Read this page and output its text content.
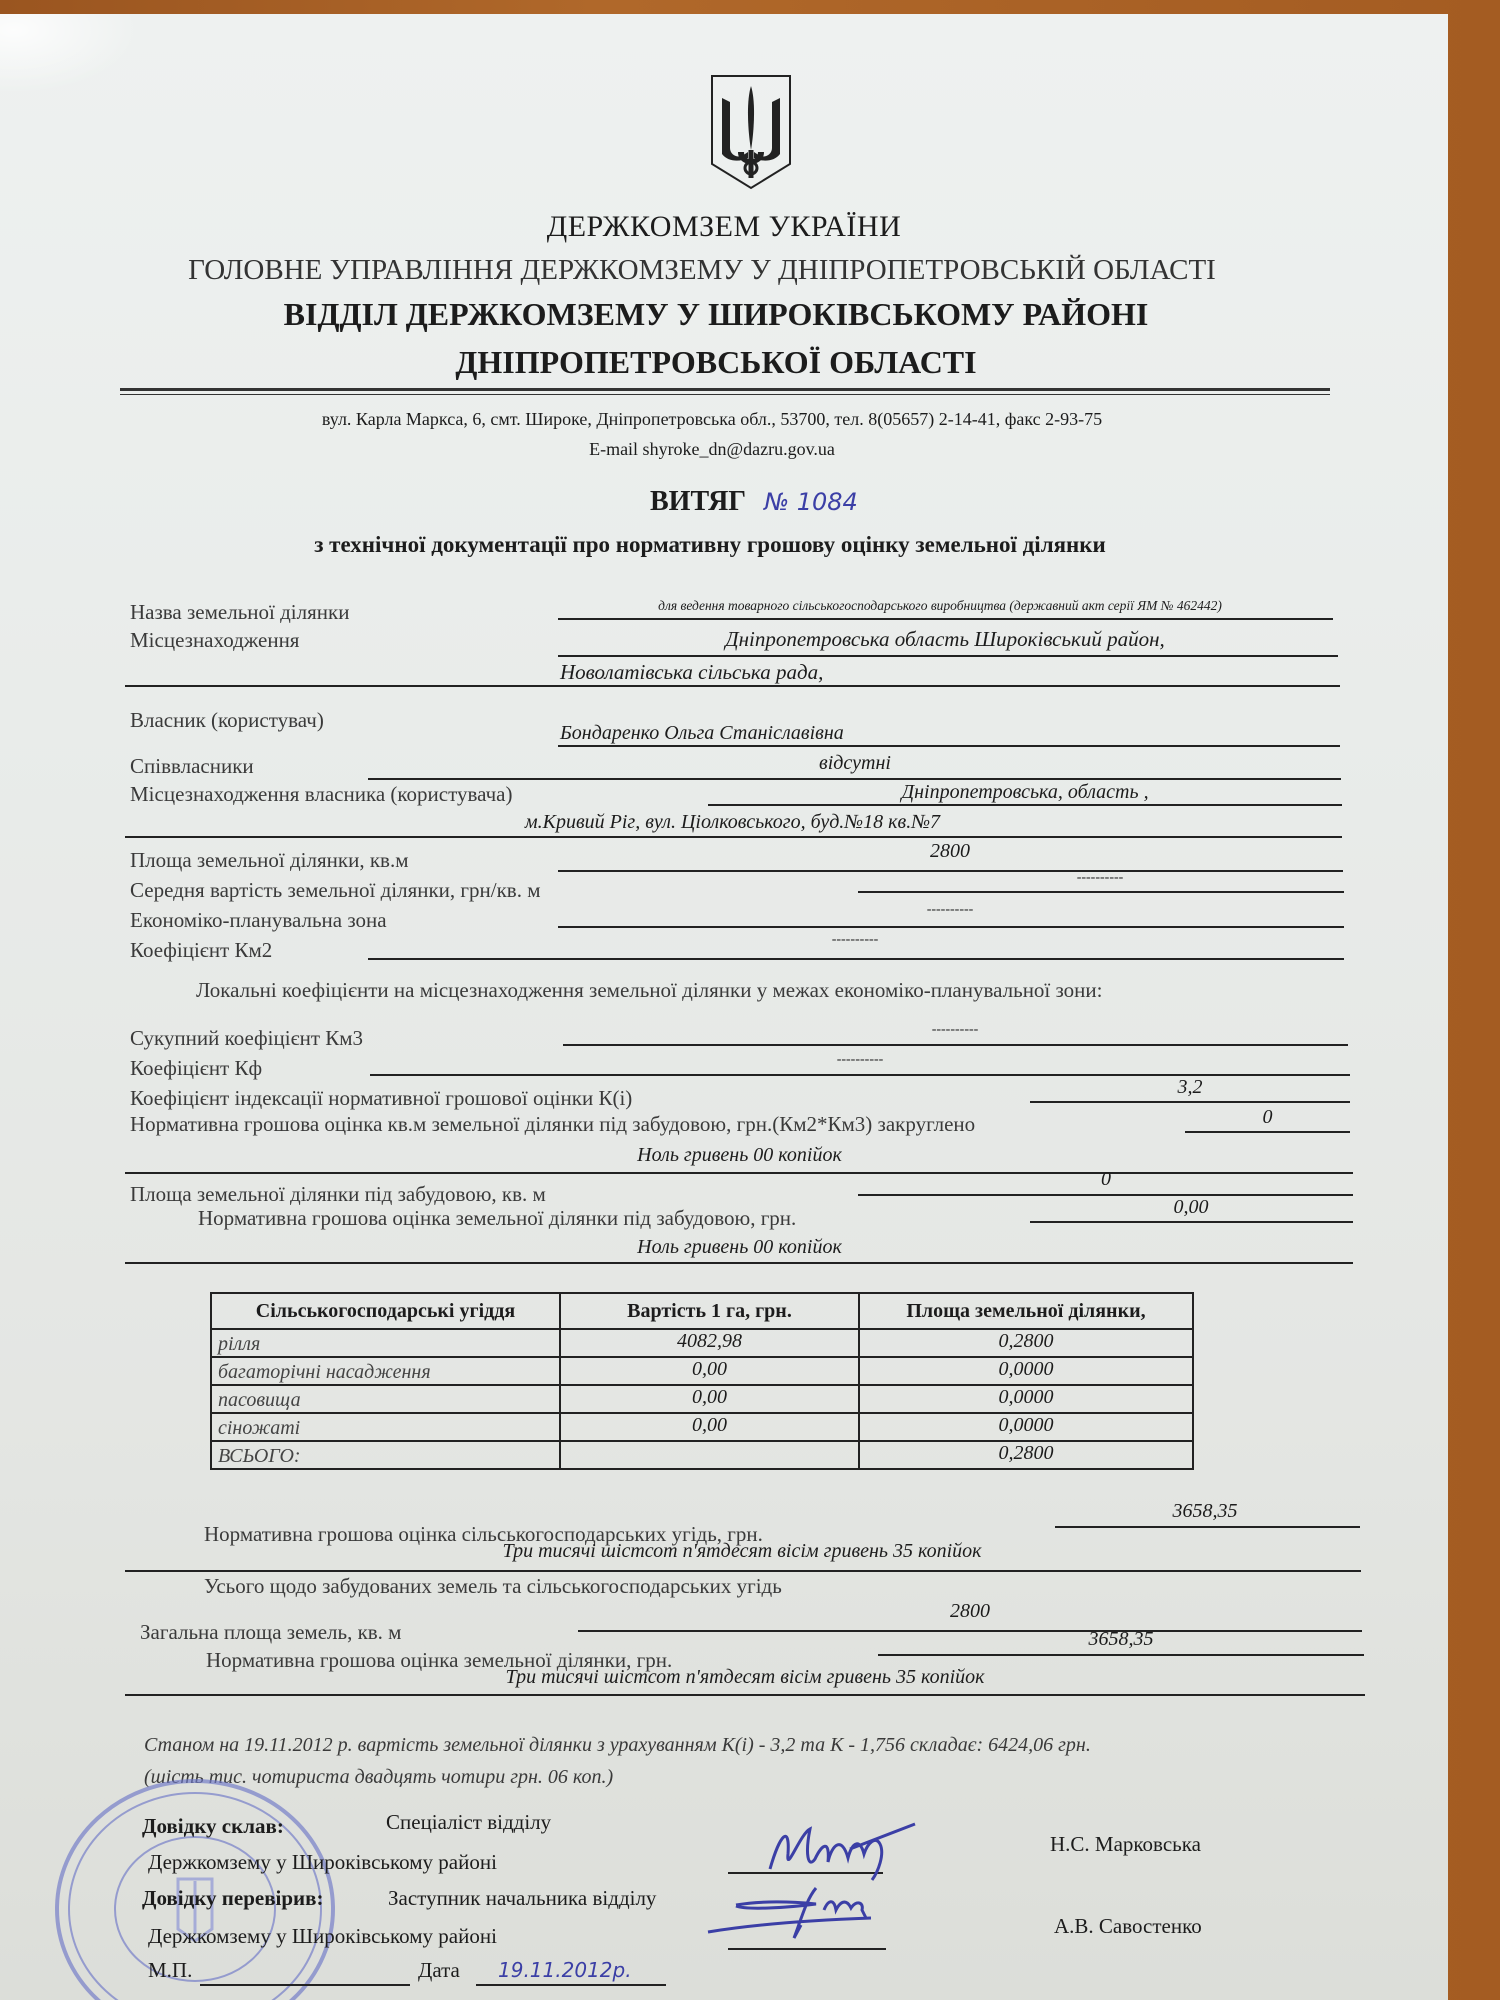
ДЕРЖКОМЗЕМ УКРАЇНИ
ГОЛОВНЕ УПРАВЛІННЯ ДЕРЖКОМЗЕМУ У ДНІПРОПЕТРОВСЬКІЙ ОБЛАСТІ
ВІДДІЛ ДЕРЖКОМЗЕМУ У ШИРОКІВСЬКОМУ РАЙОНІ
ДНІПРОПЕТРОВСЬКОЇ ОБЛАСТІ
вул. Карла Маркса, 6, смт. Широке, Дніпропетровська обл., 53700, тел. 8(05657) 2-14-41, факс 2-93-75
E-mail shyroke_dn@dazru.gov.ua
ВИТЯГ № 1084
з технічної документації про нормативну грошову оцінку земельної ділянки
Назва земельної ділянки	для ведення товарного сільськогосподарського виробництва (державний акт серії ЯМ № 462442)
Місцезнаходження	Дніпропетровська область Широківський район,
Новолатівська сільська рада,
Власник (користувач)
Бондаренко Ольга Станіславівна
Співвласники	відсутні
Місцезнаходження власника (користувача)	Дніпропетровська, область ,
м.Кривий Ріг, вул. Ціолковського, буд.№18 кв.№7
Площа земельної ділянки, кв.м	2800
Середня вартість земельної ділянки, грн/кв. м
----------
Економіко-планувальна зона	----------
Коефіцієнт Км2	----------
Локальні коефіцієнти на місцезнаходження земельної ділянки у межах економіко-планувальної зони:
Сукупний коефіцієнт Км3	----------
Коефіцієнт Кф	----------
Коефіцієнт індексації нормативної грошової оцінки К(і)	3,2
Нормативна грошова оцінка кв.м земельної ділянки під забудовою, грн.(Км2*Км3) закруглено	0
Ноль гривень 00 копійок
Площа земельної ділянки під забудовою, кв. м
0
Нормативна грошова оцінка земельної ділянки під забудовою, грн.	0,00
Ноль гривень 00 копійок
Сільськогосподарські угіддя	Вартість 1 га, грн.	Площа земельної ділянки,
рілля	4082,98	0,2800
багаторічні насадження	0,00	0,0000
пасовища	0,00	0,0000
сіножаті	0,00	0,0000
ВСЬОГО:		0,2800
Нормативна грошова оцінка сільськогосподарських угідь, грн.
3658,35
Три тисячі шістсот п'ятдесят вісім гривень 35 копійок
Усього щодо забудованих земель та сільськогосподарських угідь
Загальна площа земель, кв. м
2800
Нормативна грошова оцінка земельної ділянки, грн.
3658,35
Три тисячі шістсот п'ятдесят вісім гривень 35 копійок
Станом на 19.11.2012 р. вартість земельної ділянки з урахуванням К(і) - 3,2 та К - 1,756 складає: 6424,06 грн.
(шість тис. чотириста двадцять чотири грн. 06 коп.)
Довідку склав:	Спеціаліст відділу
Держкомзему у Широківському районі
Н.С. Марковська
Довідку перевірив:	Заступник начальника відділу
Держкомзему у Широківському районі	А.В. Савостенко
М.П.	Дата 19.11.2012р.
